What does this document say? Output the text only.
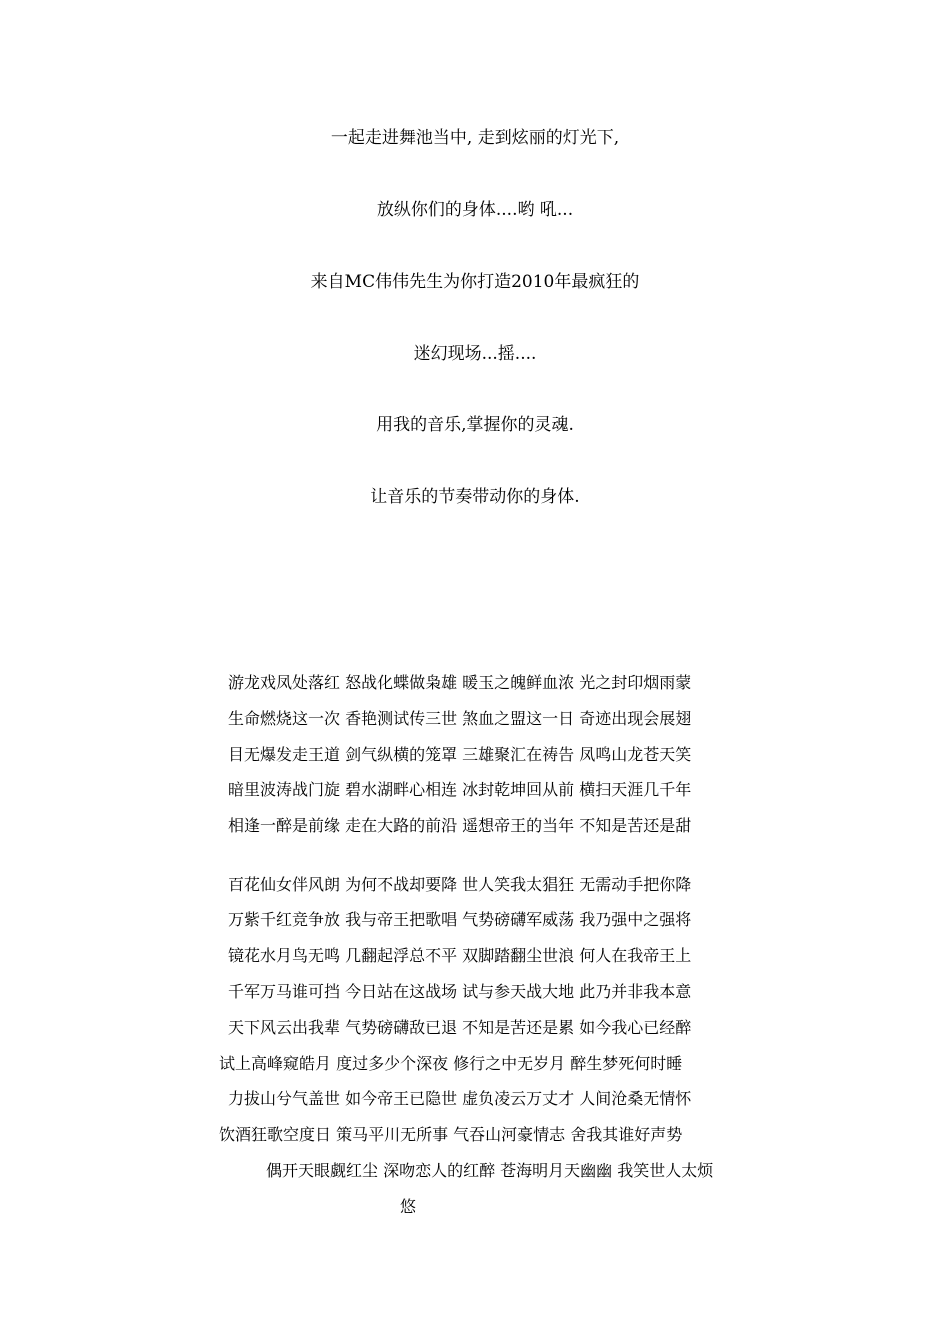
一起走进舞池当中, 走到炫丽的灯光下,
放纵你们的身体....哟 吼...
来自MC伟伟先生为你打造2010年最疯狂的
迷幻现场...摇....
用我的音乐,掌握你的灵魂.
让音乐的节奏带动你的身体.
游龙戏凤处落红 怒战化蝶做枭雄 暖玉之魄鲜血浓 光之封印烟雨蒙
生命燃烧这一次 香艳测试传三世 煞血之盟这一日 奇迹出现会展翅
目无爆发走王道 剑气纵横的笼罩 三雄聚汇在祷告 凤鸣山龙苍天笑
暗里波涛战门旋 碧水湖畔心相连 冰封乾坤回从前 横扫天涯几千年
相逢一醉是前缘 走在大路的前沿 遥想帝王的当年 不知是苦还是甜
百花仙女伴风朗 为何不战却要降 世人笑我太猖狂 无需动手把你降
万紫千红竞争放 我与帝王把歌唱 气势磅礴军威荡 我乃强中之强将
镜花水月鸟无鸣 几翻起浮总不平 双脚踏翻尘世浪 何人在我帝王上
千军万马谁可挡 今日站在这战场 试与参天战大地 此乃并非我本意
天下风云出我辈 气势磅礴敌已退 不知是苦还是累 如今我心已经醉
试上高峰窥皓月 度过多少个深夜 修行之中无岁月 醉生梦死何时睡
力拔山兮气盖世 如今帝王已隐世 虚负凌云万丈才 人间沧桑无情怀
饮酒狂歌空度日 策马平川无所事 气吞山河豪情志 舍我其谁好声势
偶开天眼觑红尘 深吻恋人的红醉 苍海明月天幽幽 我笑世人太烦
悠
